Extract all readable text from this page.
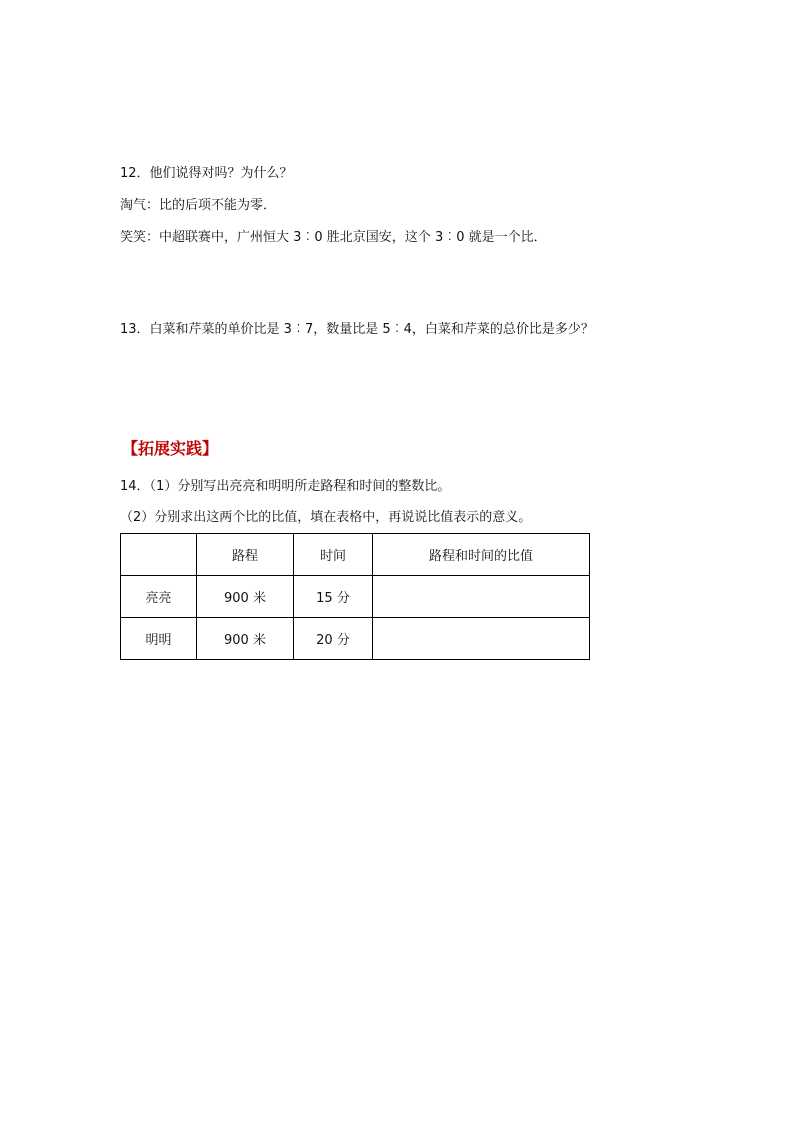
12．他们说得对吗？为什么？
淘气：比的后项不能为零．
笑笑：中超联赛中，广州恒大 3︰0 胜北京国安，这个 3︰0 就是一个比．
13．白菜和芹菜的单价比是 3︰7，数量比是 5︰4，白菜和芹菜的总价比是多少？
【拓展实践】
14．（1）分别写出亮亮和明明所走路程和时间的整数比。
（2）分别求出这两个比的比值，填在表格中，再说说比值表示的意义。
	路程	时间	路程和时间的比值
亮亮	900 米	15 分	
明明	900 米	20 分	
